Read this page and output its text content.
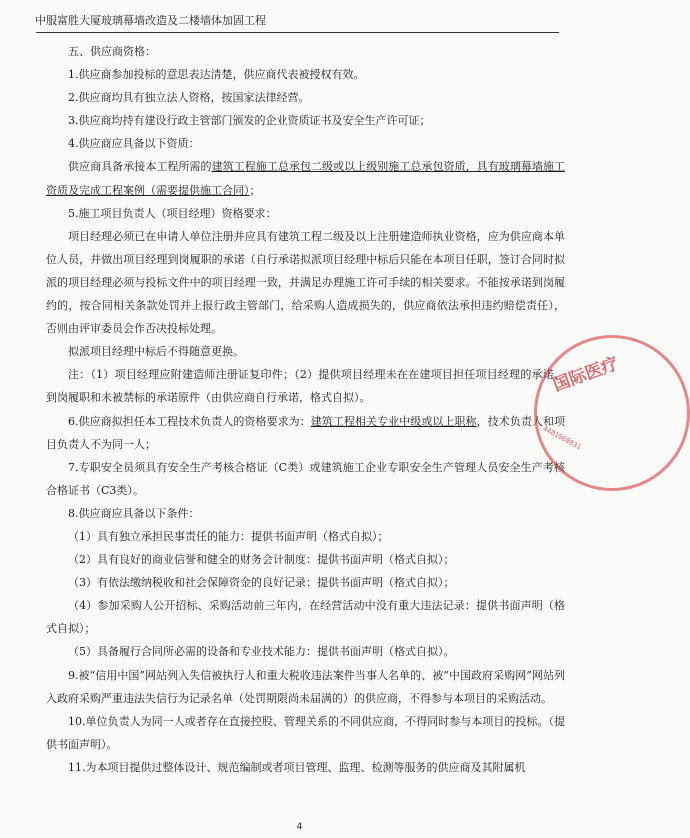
中服富胜大厦玻璃幕墙改造及二楼墙体加固工程

五、供应商资格：

1.供应商参加投标的意思表达清楚，供应商代表被授权有效。

2.供应商均具有独立法人资格，按国家法律经营。

3.供应商均持有建设行政主管部门颁发的企业资质证书及安全生产许可证；

4.供应商应具备以下资质：

供应商具备承接本工程所需的建筑工程施工总承包二级或以上级别施工总承包资质，具有玻璃幕墙施工资质及完成工程案例（需要提供施工合同）；

5.施工项目负责人（项目经理）资格要求：

项目经理必须已在申请人单位注册并应具有建筑工程二级及以上注册建造师执业资格，应为供应商本单位人员，并做出项目经理到岗履职的承诺（自行承诺拟派项目经理中标后只能在本项目任职，签订合同时拟派的项目经理必须与投标文件中的项目经理一致，并满足办理施工许可手续的相关要求。不能按承诺到岗履约的，按合同相关条款处罚并上报行政主管部门，给采购人造成损失的，供应商依法承担违约赔偿责任），否则由评审委员会作否决投标处理。

拟派项目经理中标后不得随意更换。

注：（1）项目经理应附建造师注册证复印件；（2）提供项目经理未在在建项目担任项目经理的承诺、到岗履职和未被禁标的承诺原件（由供应商自行承诺，格式自拟）。

6.供应商拟担任本工程技术负责人的资格要求为：建筑工程相关专业中级或以上职称，技术负责人和项目负责人不为同一人；

7.专职安全员须具有安全生产考核合格证（C类）或建筑施工企业专职安全生产管理人员安全生产考核合格证书（C3类）。

8.供应商应具备以下条件：

（1）具有独立承担民事责任的能力：提供书面声明（格式自拟）；

（2）具有良好的商业信誉和健全的财务会计制度：提供书面声明（格式自拟）；

（3）有依法缴纳税收和社会保障资金的良好记录：提供书面声明（格式自拟）；

（4）参加采购人公开招标、采购活动前三年内，在经营活动中没有重大违法记录：提供书面声明（格式自拟）；

（5）具备履行合同所必需的设备和专业技术能力：提供书面声明（格式自拟）。

9.被“信用中国”网站列入失信被执行人和重大税收违法案件当事人名单的、被“中国政府采购网”网站列入政府采购严重违法失信行为记录名单（处罚期限尚未届满的）的供应商，不得参与本项目的采购活动。

10.单位负责人为同一人或者存在直接控股、管理关系的不同供应商，不得同时参与本项目的投标。（提供书面声明）。

11.为本项目提供过整体设计、规范编制或者项目管理、监理、检测等服务的供应商及其附属机

国际医疗
4401060831
4
